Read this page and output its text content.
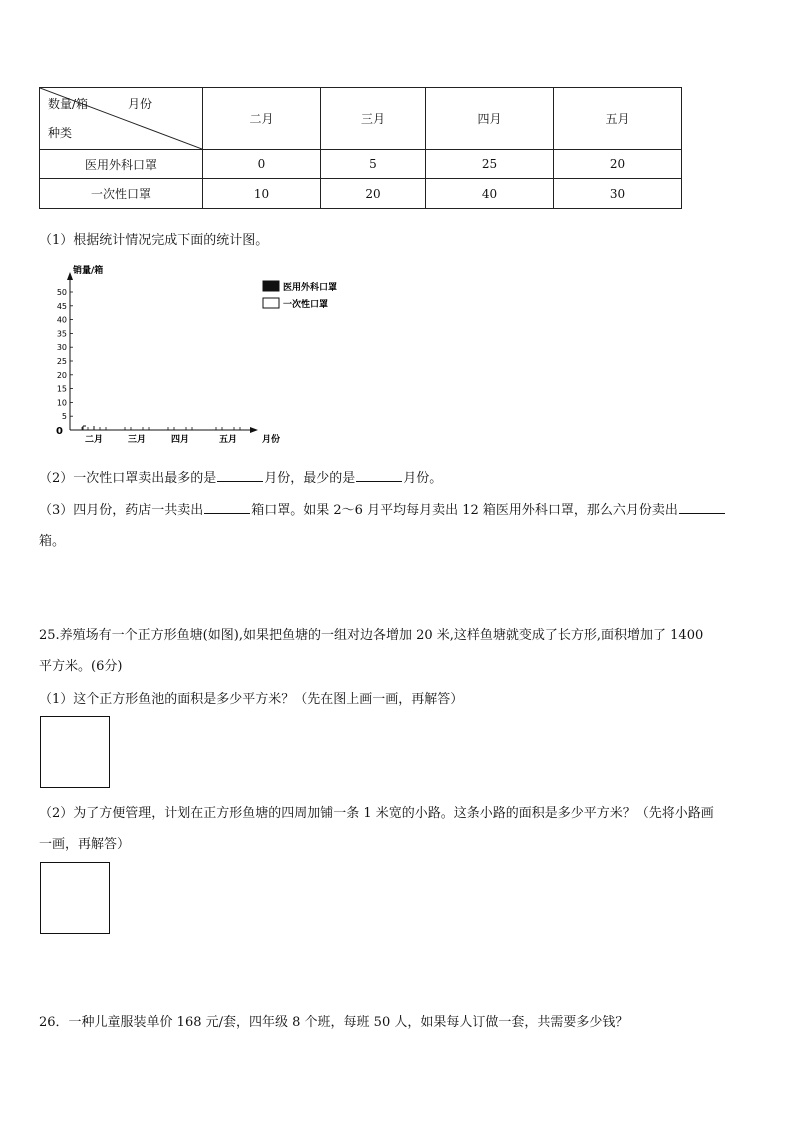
数量/箱 月份
种类	二月	三月	四月	五月
医用外科口罩	0	5	25	20
一次性口罩	10	20	40	30
（1）根据统计情况完成下面的统计图。
销量/箱
0
5
10
15
20
25
30
35
40
45
50
二月	三月	四月	五月	月份
医用外科口罩
一次性口罩
（2）一次性口罩卖出最多的是	月份，最少的是	月份。
（3）四月份，药店一共卖出	箱口罩。如果 2～6 月平均每月卖出 12 箱医用外科口罩，那么六月份卖出
箱。
25.养殖场有一个正方形鱼塘(如图),如果把鱼塘的一组对边各增加 20 米,这样鱼塘就变成了长方形,面积增加了 1400
平方米。(6分)
（1）这个正方形鱼池的面积是多少平方米？（先在图上画一画，再解答）
（2）为了方便管理，计划在正方形鱼塘的四周加铺一条 1 米宽的小路。这条小路的面积是多少平方米？（先将小路画
一画，再解答）
26．一种儿童服装单价 168 元/套，四年级 8 个班，每班 50 人，如果每人订做一套，共需要多少钱？
